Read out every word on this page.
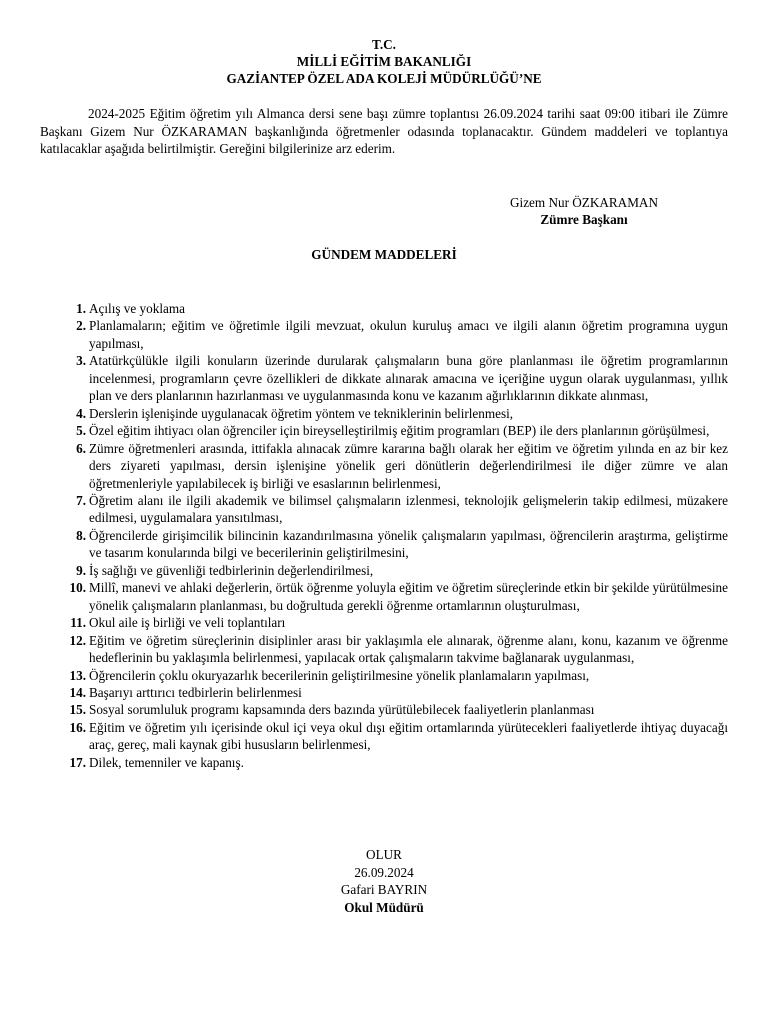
T.C.
MİLLİ EĞİTİM BAKANLIĞI
GAZİANTEP ÖZEL ADA KOLEJİ MÜDÜRLÜĞÜ’NE

2024-2025 Eğitim öğretim yılı Almanca dersi sene başı zümre toplantısı 26.09.2024 tarihi saat 09:00 itibari ile Zümre Başkanı Gizem Nur ÖZKARAMAN başkanlığında öğretmenler odasında toplanacaktır. Gündem maddeleri ve toplantıya katılacaklar aşağıda belirtilmiştir. Gereğini bilgilerinize arz ederim.

Gizem Nur ÖZKARAMAN
Zümre Başkanı
GÜNDEM MADDELERİ
1. Açılış ve yoklama
2. Planlamaların; eğitim ve öğretimle ilgili mevzuat, okulun kuruluş amacı ve ilgili alanın öğretim programına uygun yapılması,
3. Atatürkçülükle ilgili konuların üzerinde durularak çalışmaların buna göre planlanması ile öğretim programlarının incelenmesi, programların çevre özellikleri de dikkate alınarak amacına ve içeriğine uygun olarak uygulanması, yıllık plan ve ders planlarının hazırlanması ve uygulanmasında konu ve kazanım ağırlıklarının dikkate alınması,
4. Derslerin işlenişinde uygulanacak öğretim yöntem ve tekniklerinin belirlenmesi,
5. Özel eğitim ihtiyacı olan öğrenciler için bireyselleştirilmiş eğitim programları (BEP) ile ders planlarının görüşülmesi,
6. Zümre öğretmenleri arasında, ittifakla alınacak zümre kararına bağlı olarak her eğitim ve öğretim yılında en az bir kez ders ziyareti yapılması, dersin işlenişine yönelik geri dönütlerin değerlendirilmesi ile diğer zümre ve alan öğretmenleriyle yapılabilecek iş birliği ve esaslarının belirlenmesi,
7. Öğretim alanı ile ilgili akademik ve bilimsel çalışmaların izlenmesi, teknolojik gelişmelerin takip edilmesi, müzakere edilmesi, uygulamalara yansıtılması,
8. Öğrencilerde girişimcilik bilincinin kazandırılmasına yönelik çalışmaların yapılması, öğrencilerin araştırma, geliştirme ve tasarım konularında bilgi ve becerilerinin geliştirilmesini,
9. İş sağlığı ve güvenliği tedbirlerinin değerlendirilmesi,
10. Millî, manevi ve ahlaki değerlerin, örtük öğrenme yoluyla eğitim ve öğretim süreçlerinde etkin bir şekilde yürütülmesine yönelik çalışmaların planlanması, bu doğrultuda gerekli öğrenme ortamlarının oluşturulması,
11. Okul aile iş birliği ve veli toplantıları
12. Eğitim ve öğretim süreçlerinin disiplinler arası bir yaklaşımla ele alınarak, öğrenme alanı, konu, kazanım ve öğrenme hedeflerinin bu yaklaşımla belirlenmesi, yapılacak ortak çalışmaların takvime bağlanarak uygulanması,
13. Öğrencilerin çoklu okuryazarlık becerilerinin geliştirilmesine yönelik planlamaların yapılması,
14. Başarıyı arttırıcı tedbirlerin belirlenmesi
15. Sosyal sorumluluk programı kapsamında ders bazında yürütülebilecek faaliyetlerin planlanması
16. Eğitim ve öğretim yılı içerisinde okul içi veya okul dışı eğitim ortamlarında yürütecekleri faaliyetlerde ihtiyaç duyacağı araç, gereç, mali kaynak gibi hususların belirlenmesi,
17. Dilek, temenniler ve kapanış.
OLUR
26.09.2024
Gafari BAYRIN
Okul Müdürü
